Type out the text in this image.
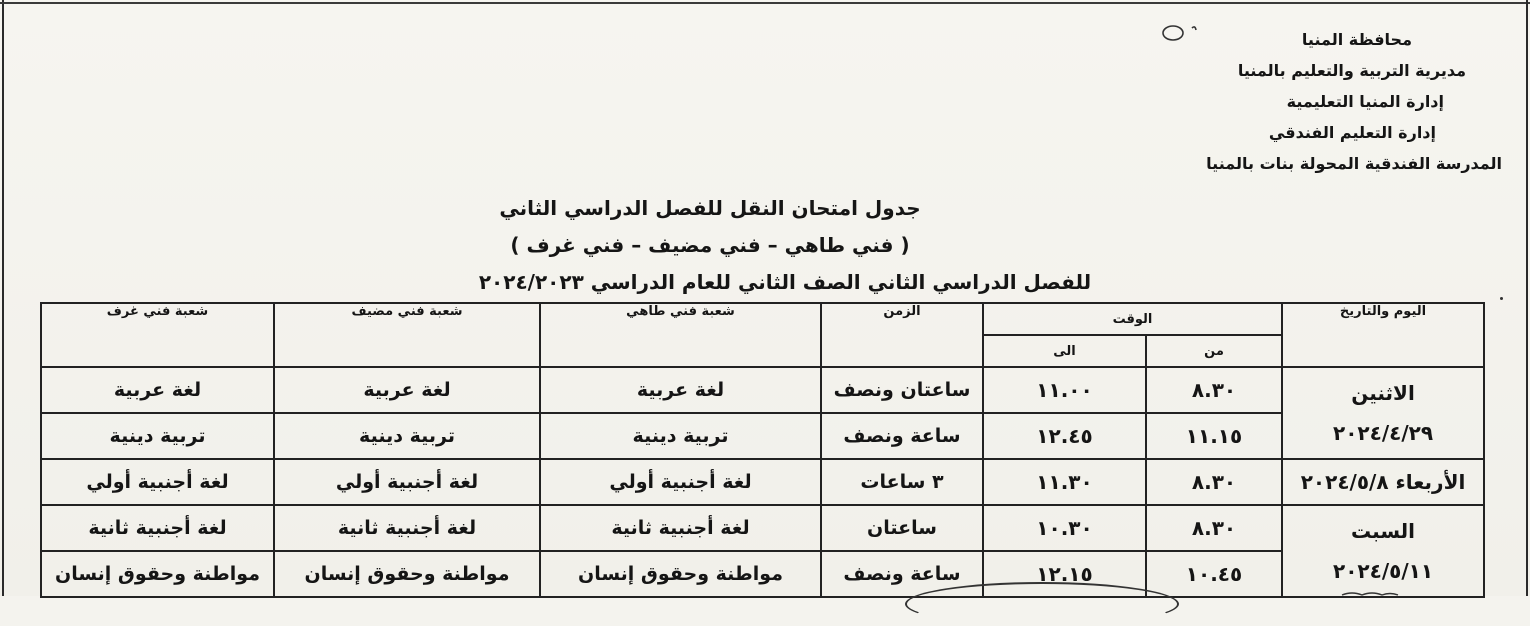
محافظة المنيا
مديرية التربية والتعليم بالمنيا
إدارة المنيا التعليمية
إدارة التعليم الفندقي
المدرسة الفندقية المحولة بنات بالمنيا
جدول امتحان النقل للفصل الدراسي الثاني
( فني طاهي – فني مضيف – فني غرف )
للفصل الدراسي الثاني الصف الثاني للعام الدراسي ٢٠٢٤/٢٠٢٣
اليوم والتاريخ	الوقت		الزمن	شعبة فني طاهي	شعبة فني مضيف	شعبة فني غرف
	من	الى				

الاثنين
٢٠٢٤/٤/٢٩	٨.٣٠	١١.٠٠	ساعتان ونصف	لغة عربية	لغة عربية	لغة عربية
	١١.١٥	١٢.٤٥	ساعة ونصف	تربية دينية	تربية دينية	تربية دينية

الأربعاء ٢٠٢٤/٥/٨	٨.٣٠	١١.٣٠	٣ ساعات	لغة أجنبية أولي	لغة أجنبية أولي	لغة أجنبية أولي

السبت
٢٠٢٤/٥/١١	٨.٣٠	١٠.٣٠	ساعتان	لغة أجنبية ثانية	لغة أجنبية ثانية	لغة أجنبية ثانية
	١٠.٤٥	١٢.١٥	ساعة ونصف	مواطنة وحقوق إنسان	مواطنة وحقوق إنسان	مواطنة وحقوق إنسان
